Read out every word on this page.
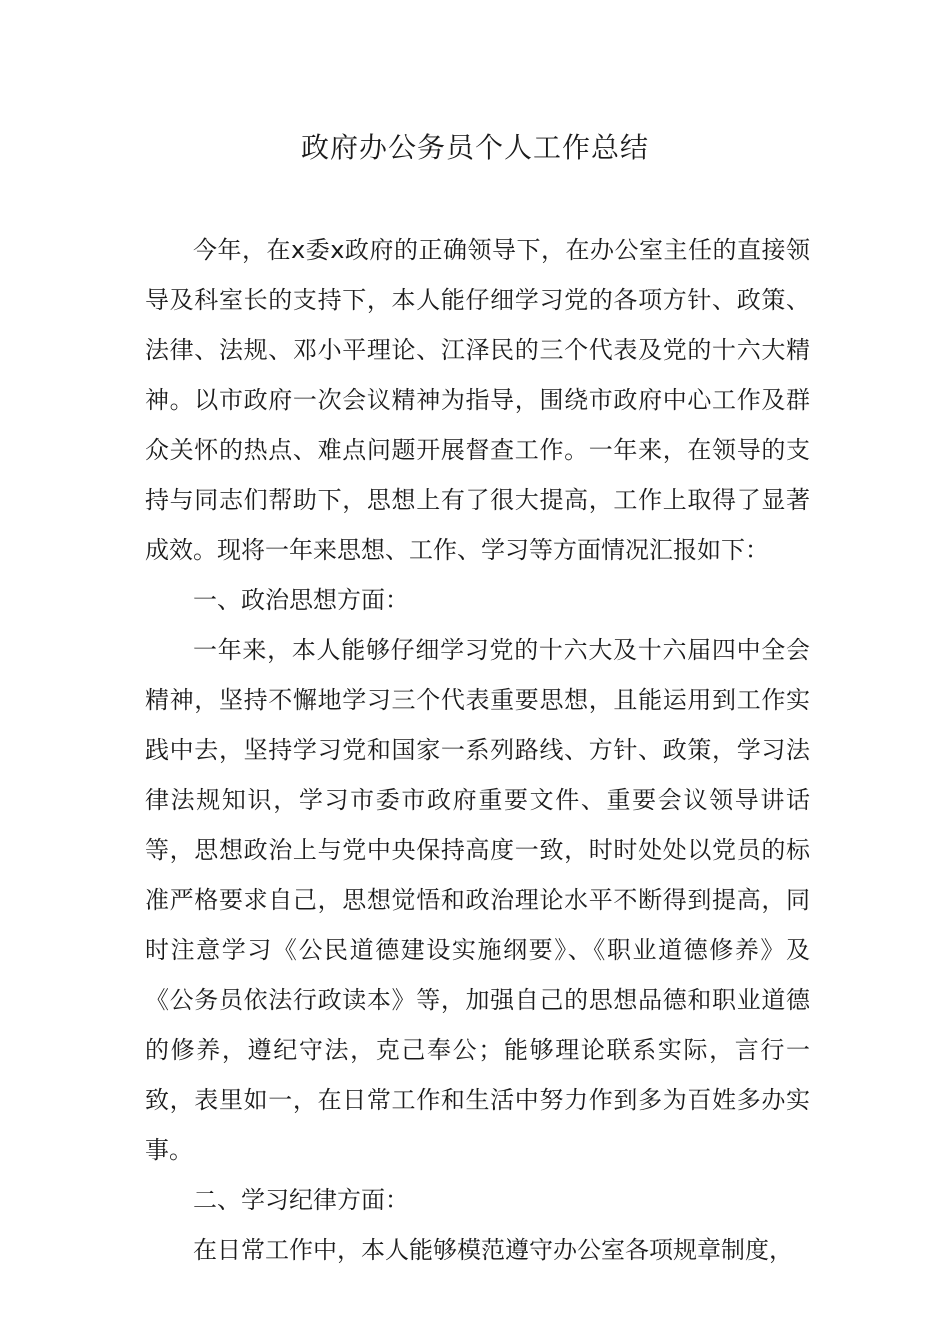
政府办公务员个人工作总结

今年，在x委x政府的正确领导下，在办公室主任的直接领导及科室长的支持下，本人能仔细学习党的各项方针、政策、法律、法规、邓小平理论、江泽民的三个代表及党的十六大精神。以市政府一次会议精神为指导，围绕市政府中心工作及群众关怀的热点、难点问题开展督查工作。一年来，在领导的支持与同志们帮助下，思想上有了很大提高，工作上取得了显著成效。现将一年来思想、工作、学习等方面情况汇报如下：

一、政治思想方面：

一年来，本人能够仔细学习党的十六大及十六届四中全会精神，坚持不懈地学习三个代表重要思想，且能运用到工作实践中去，坚持学习党和国家一系列路线、方针、政策，学习法律法规知识，学习市委市政府重要文件、重要会议领导讲话等，思想政治上与党中央保持高度一致，时时处处以党员的标准严格要求自己，思想觉悟和政治理论水平不断得到提高，同时注意学习《公民道德建设实施纲要》、《职业道德修养》及《公务员依法行政读本》等，加强自己的思想品德和职业道德的修养，遵纪守法，克己奉公；能够理论联系实际，言行一致，表里如一，在日常工作和生活中努力作到多为百姓多办实事。

二、学习纪律方面：

在日常工作中，本人能够模范遵守办公室各项规章制度，
